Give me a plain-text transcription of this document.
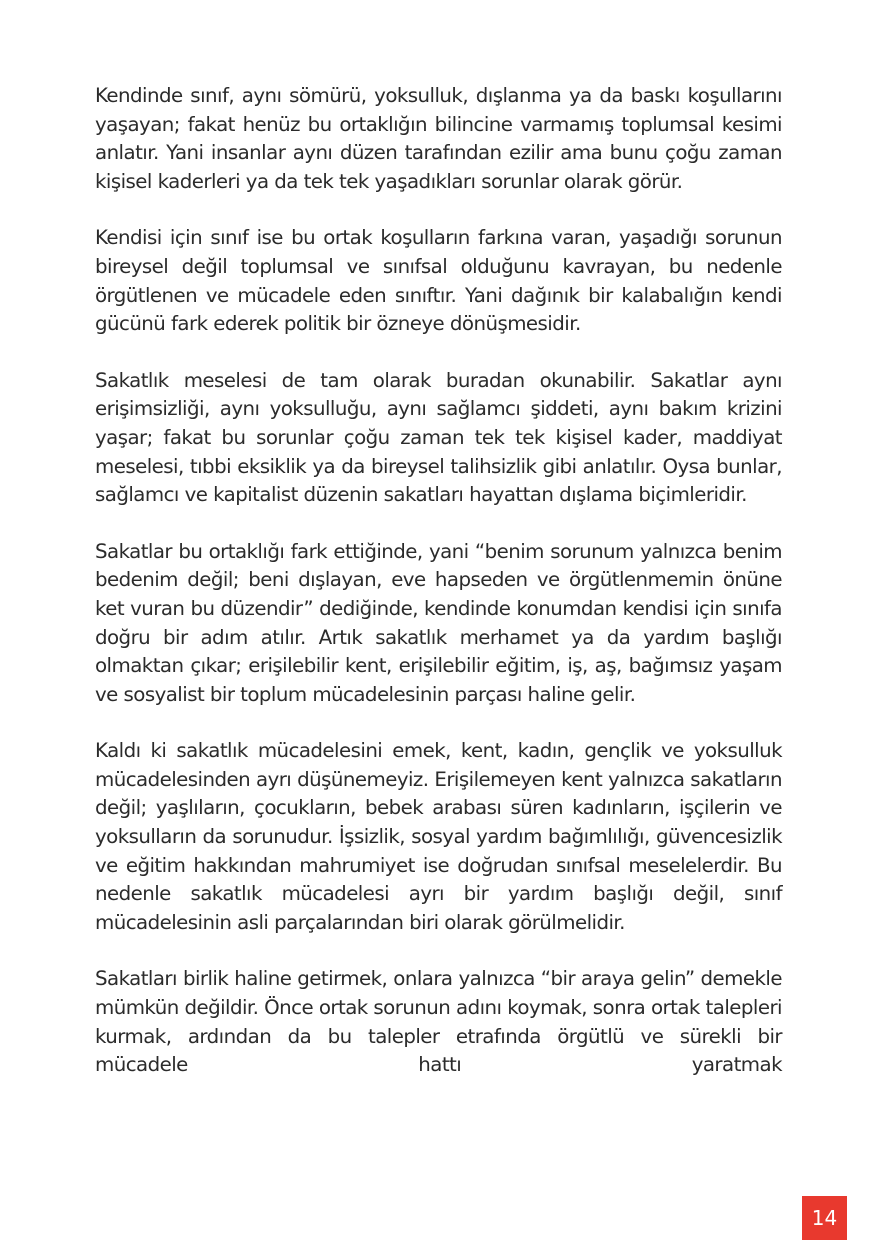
Kendinde sınıf, aynı sömürü, yoksulluk, dışlanma ya da baskı koşullarını yaşayan; fakat henüz bu ortaklığın bilincine varmamış toplumsal kesimi anlatır. Yani insanlar aynı düzen tarafından ezilir ama bunu çoğu zaman kişisel kaderleri ya da tek tek yaşadıkları sorunlar olarak görür.

Kendisi için sınıf ise bu ortak koşulların farkına varan, yaşadığı sorunun bireysel değil toplumsal ve sınıfsal olduğunu kavrayan, bu nedenle örgütlenen ve mücadele eden sınıftır. Yani dağınık bir kalabalığın kendi gücünü fark ederek politik bir özneye dönüşmesidir.

Sakatlık meselesi de tam olarak buradan okunabilir. Sakatlar aynı erişimsizliği, aynı yoksulluğu, aynı sağlamcı şiddeti, aynı bakım krizini yaşar; fakat bu sorunlar çoğu zaman tek tek kişisel kader, maddiyat meselesi, tıbbi eksiklik ya da bireysel talihsizlik gibi anlatılır. Oysa bunlar, sağlamcı ve kapitalist düzenin sakatları hayattan dışlama biçimleridir.

Sakatlar bu ortaklığı fark ettiğinde, yani “benim sorunum yalnızca benim bedenim değil; beni dışlayan, eve hapseden ve örgütlenmemin önüne ket vuran bu düzendir” dediğinde, kendinde konumdan kendisi için sınıfa doğru bir adım atılır. Artık sakatlık merhamet ya da yardım başlığı olmaktan çıkar; erişilebilir kent, erişilebilir eğitim, iş, aş, bağımsız yaşam ve sosyalist bir toplum mücadelesinin parçası haline gelir.

Kaldı ki sakatlık mücadelesini emek, kent, kadın, gençlik ve yoksulluk mücadelesinden ayrı düşünemeyiz. Erişilemeyen kent yalnızca sakatların değil; yaşlıların, çocukların, bebek arabası süren kadınların, işçilerin ve yoksulların da sorunudur. İşsizlik, sosyal yardım bağımlılığı, güvencesizlik ve eğitim hakkından mahrumiyet ise doğrudan sınıfsal meselelerdir. Bu nedenle sakatlık mücadelesi ayrı bir yardım başlığı değil, sınıf mücadelesinin asli parçalarından biri olarak görülmelidir.

Sakatları birlik haline getirmek, onlara yalnızca “bir araya gelin” demekle mümkün değildir. Önce ortak sorunun adını koymak, sonra ortak talepleri kurmak, ardından da bu talepler etrafında örgütlü ve sürekli bir mücadele hattı yaratmak

14
